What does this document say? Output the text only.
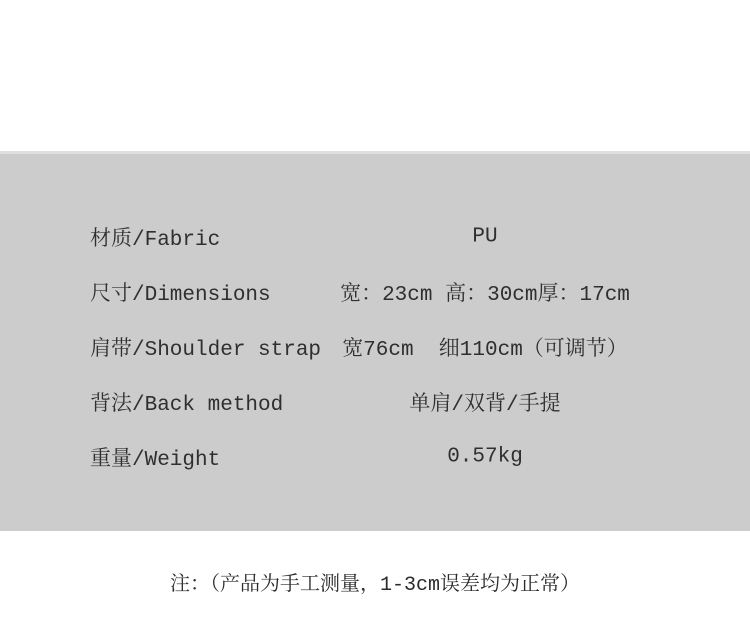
材质/Fabric	PU
尺寸/Dimensions	宽：23cm 高：30cm厚：17cm
肩带/Shoulder strap	宽76cm  细110cm（可调节）
背法/Back method	单肩/双背/手提
重量/Weight	0.57kg
注：（产品为手工测量，1-3cm误差均为正常）
